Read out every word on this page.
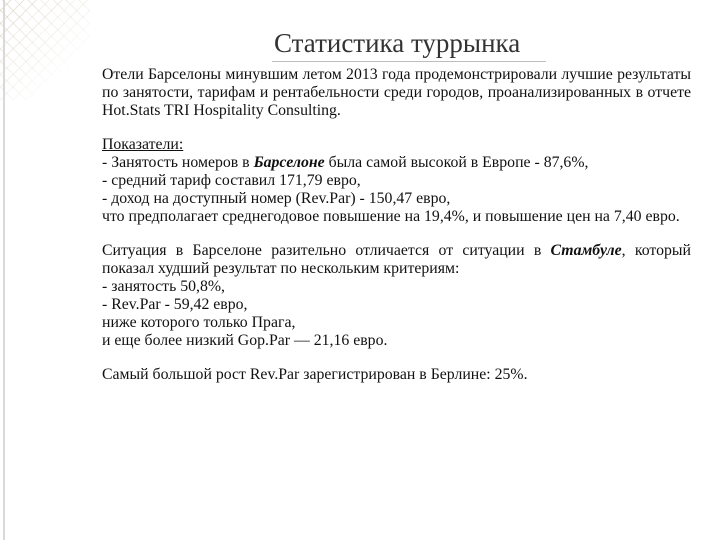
Статистика туррынка

Отели Барселоны минувшим летом 2013 года продемонстрировали лучшие результаты по занятости, тарифам и рентабельности среди городов, проанализированных в отчете Hot.Stats TRI Hospitality Consulting.

Показатели:

- Занятость номеров в Барселоне была самой высокой в Европе - 87,6%,

- средний тариф составил 171,79 евро,

- доход на доступный номер (Rev.Par) - 150,47 евро,

что предполагает среднегодовое повышение на 19,4%, и повышение цен на 7,40 евро.

Ситуация в Барселоне разительно отличается от ситуации в Стамбуле, который показал худший результат по нескольким критериям:

- занятость 50,8%,

- Rev.Par - 59,42 евро,

ниже которого только Прага,

и еще более низкий Gop.Par — 21,16 евро.

Самый большой рост Rev.Par зарегистрирован в Берлине: 25%.
